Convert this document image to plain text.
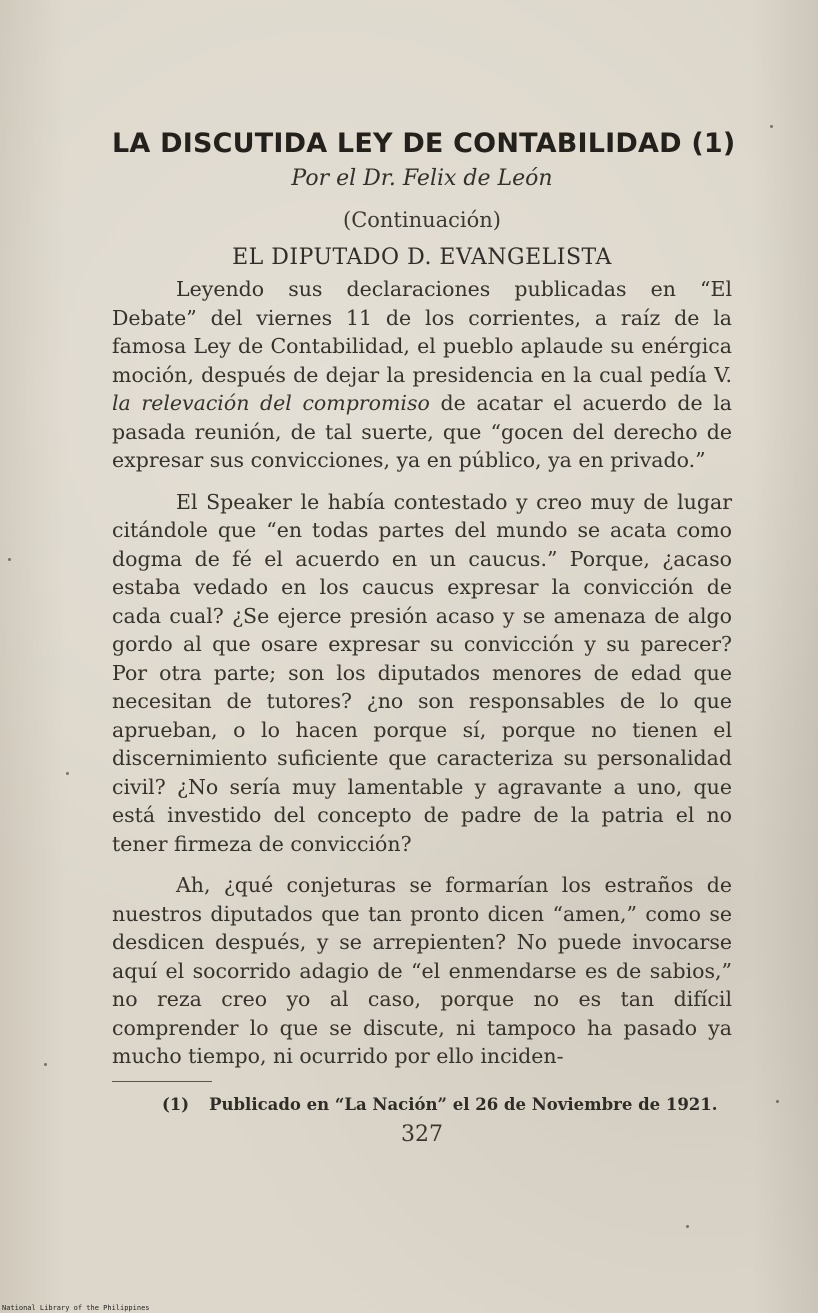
LA DISCUTIDA LEY DE CONTABILIDAD (1)

Por el Dr. Felix de León

(Continuación)

EL DIPUTADO D. EVANGELISTA

Leyendo sus declaraciones publicadas en “El Debate” del viernes 11 de los corrientes, a raíz de la famosa Ley de Contabilidad, el pueblo aplaude su enérgica moción, después de dejar la presidencia en la cual pedía V. la relevación del compromiso de acatar el acuerdo de la pasada reunión, de tal suerte, que “gocen del derecho de expresar sus convicciones, ya en público, ya en privado.”

El Speaker le había contestado y creo muy de lugar citándole que “en todas partes del mundo se acata como dogma de fé el acuerdo en un caucus.” Porque, ¿acaso estaba vedado en los caucus expresar la convicción de cada cual? ¿Se ejerce presión acaso y se amenaza de algo gordo al que osare expresar su convicción y su parecer? Por otra parte; son los diputados menores de edad que necesitan de tutores? ¿no son responsables de lo que aprueban, o lo hacen porque sí, porque no tienen el discernimiento suficiente que caracteriza su personalidad civil? ¿No sería muy lamentable y agravante a uno, que está investido del concepto de padre de la patria el no tener firmeza de convicción?

Ah, ¿qué conjeturas se formarían los estraños de nuestros diputados que tan pronto dicen “amen,” como se desdicen después, y se arrepienten? No puede invocarse aquí el socorrido adagio de “el enmendarse es de sabios,” no reza creo yo al caso, porque no es tan difícil comprender lo que se discute, ni tampoco ha pasado ya mucho tiempo, ni ocurrido por ello inciden-

(1) Publicado en “La Nación” el 26 de Noviembre de 1921.

327

National Library of the Philippines
